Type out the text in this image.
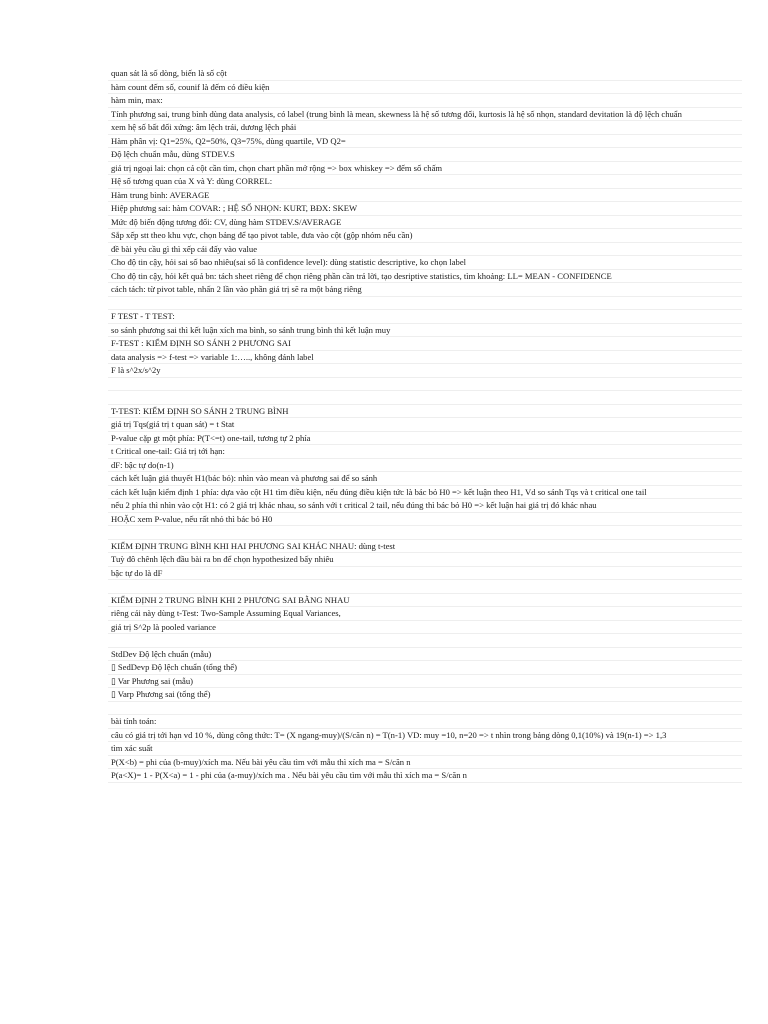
quan sát là số dòng, biến là số cột
hàm count đếm số, counif là đếm có điều kiện
hàm min, max:
Tính phương sai, trung bình dùng data analysis, có label (trung bình là mean, skewness là hệ số tương đối, kurtosis là hệ số nhọn, standard devitation là độ lệch chuẩn
xem hệ số bất đối xứng: âm lệch trái, dương lệch phải
Hàm phân vị: Q1=25%, Q2=50%, Q3=75%, dùng quartile, VD Q2=
Độ lệch chuẩn mẫu, dùng STDEV.S
giá trị ngoại lai: chọn cả cột cần tìm, chọn chart phần mở rộng => box whiskey => đếm số chấm
Hệ số tương quan của X và Y: dùng CORREL:
Hàm trung bình: AVERAGE
Hiệp phương sai: hàm COVAR: ; HỆ SỐ NHỌN: KURT, BĐX: SKEW
Mức độ biến động tương đối: CV, dùng hàm STDEV.S/AVERAGE
Sắp xếp stt theo khu vực, chọn bảng để tạo pivot table, đưa vào cột (gộp nhóm nếu cần)
đề bài yêu cầu gì thì xếp cái đấy vào value
Cho độ tin cậy, hỏi sai số bao nhiêu(sai số là confidence level): dùng statistic descriptive, ko chọn label
Cho độ tin cậy, hỏi kết quả bn: tách sheet riêng để chọn riêng phần cần trả lời, tạo desriptive statistics, tìm khoảng: LL= MEAN - CONFIDENCE
cách tách: từ pivot table, nhấn 2 lần vào phần giá trị sẽ ra một bảng riêng
F TEST - T TEST:
so sánh phương sai thì kết luận xích ma bình, so sánh trung bình thì kết luận muy
F-TEST : KIỂM ĐỊNH SO SÁNH 2 PHƯƠNG SAI
data analysis => f-test => variable 1:….., không đánh label
F là s^2x/s^2y
T-TEST: KIỂM ĐỊNH SO SÁNH 2 TRUNG BÌNH
giá trị Tqs(giá trị t quan sát) = t Stat
P-value cặp gt một phía: P(T<=t) one-tail, tương tự 2 phía
t Critical one-tail: Giá trị tới hạn:
dF: bậc tự do(n-1)
cách kết luận giả thuyết H1(bác bỏ): nhìn vào mean và phương sai để so sánh
cách kết luận kiểm định 1 phía: dựa vào cột H1 tìm điều kiện, nếu đúng điều kiện tức là bác bỏ H0 => kết luận theo H1, Vd so sánh Tqs và t critical one tail
nếu 2 phía thì nhìn vào cột H1: có 2 giá trị khác nhau, so sánh với t critical 2 tail, nếu đúng thì bác bỏ H0 => kết luận hai giá trị đó khác nhau
HOẶC xem P-value, nếu rất nhỏ thì bác bỏ H0
KIỂM ĐỊNH TRUNG BÌNH KHI HAI PHƯƠNG SAI KHÁC NHAU: dùng t-test
Tuỳ đô chênh lệch đầu bài ra bn để chọn hypothesized bấy nhiêu
bậc tự do là dF
KIỂM ĐỊNH 2 TRUNG BÌNH KHI 2 PHƯƠNG SAI BẰNG NHAU
riêng cái này dùng t-Test: Two-Sample Assuming Equal Variances,
giá trị S^2p là pooled variance
StdDev Độ lệch chuẩn (mẫu)
▯ SedDevp Độ lệch chuẩn (tổng thể)
▯ Var Phương sai (mẫu)
▯ Varp Phương sai (tổng thể)
bài tính toán:
câu có giá trị tới hạn vd 10 %, dùng công thức: T= (X ngang-muy)/(S/căn n) = T(n-1) VD: muy =10, n=20 => t nhìn trong bảng dòng 0,1(10%) và 19(n-1) => 1,3
tìm xác suất
P(X<b) = phi của (b-muy)/xích ma. Nếu bài yêu cầu tìm với mẫu thì xích ma = S/căn n
P(a<X)= 1 - P(X<a) = 1 - phi của (a-muy)/xích ma . Nếu bài yêu cầu tìm với mẫu thì xích ma = S/căn n
